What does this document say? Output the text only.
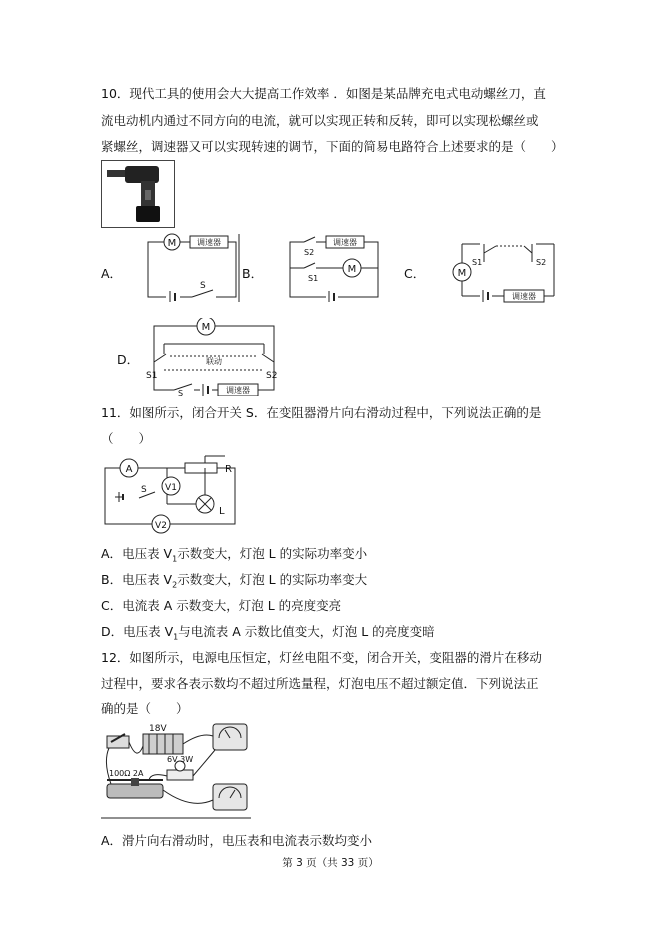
10．现代工具的使用会大大提高工作效率 ．如图是某品牌充电式电动螺丝刀，直
流电动机内通过不同方向的电流，就可以实现正转和反转，即可以实现松螺丝或
紧螺丝，调速器又可以实现转速的调节，下面的简易电路符合上述要求的是（　　）
A．
M	调速器
S
B．
S2
调速器
S1
M	C．
S1	S2
M
调速器
D．
M
联动
S1	S2
S	调速器
11．如图所示，闭合开关 S．在变阻器滑片向右滑动过程中，下列说法正确的是
（　　）
A	R
V1
L
S
V2
A．电压表 $V_1$示数变大，灯泡 L 的实际功率变小
B．电压表 $V_2$示数变大，灯泡 L 的实际功率变大
C．电流表 A 示数变大，灯泡 L 的亮度变亮
D．电压表 $V_1$与电流表 A 示数比值变大，灯泡 L 的亮度变暗
12．如图所示，电源电压恒定，灯丝电阻不变，闭合开关，变阻器的滑片在移动
过程中，要求各表示数均不超过所选量程，灯泡电压不超过额定值．下列说法正
确的是（　　）
18V
6V 3W
100Ω 2A
A．滑片向右滑动时，电压表和电流表示数均变小
第 3 页（共 33 页）
